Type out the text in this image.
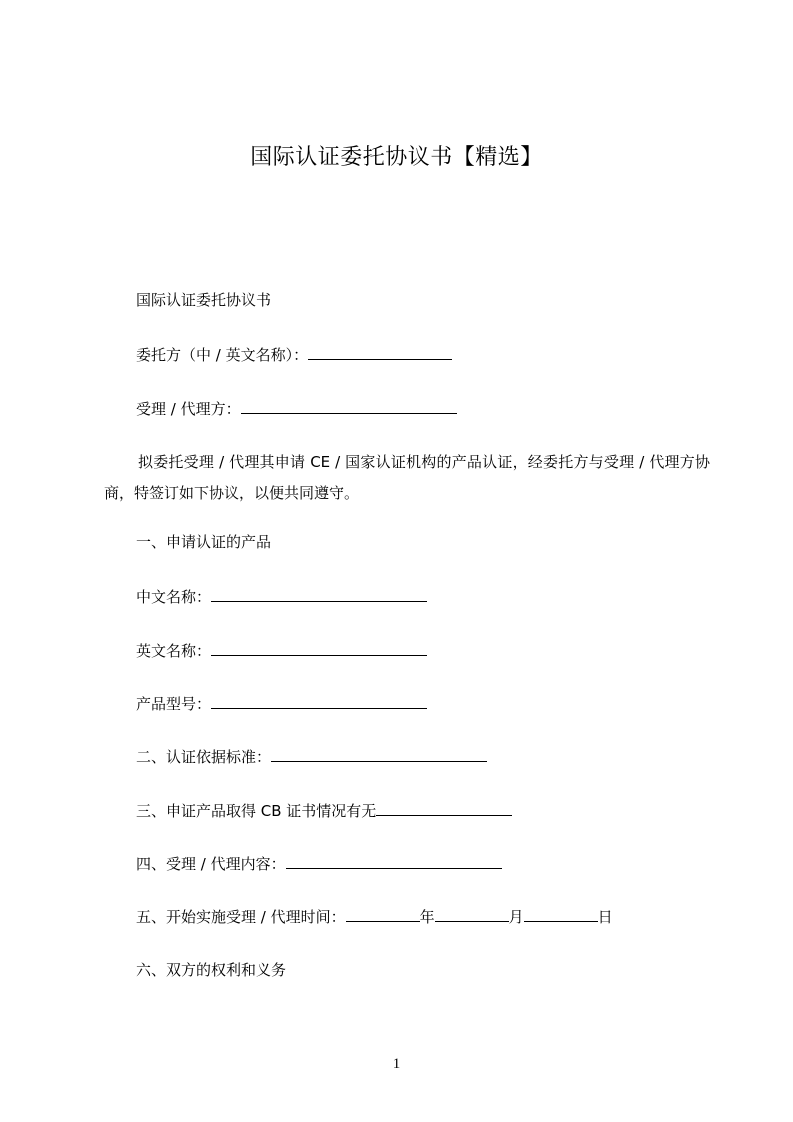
国际认证委托协议书【精选】
国际认证委托协议书
委托方（中 / 英文名称）：
受理 / 代理方：
拟委托受理 / 代理其申请 CE / 国家认证机构的产品认证，经委托方与受理 / 代理方协商，特签订如下协议，以便共同遵守。
一、申请认证的产品
中文名称：
英文名称：
产品型号：
二、认证依据标准：
三、申证产品取得 CB 证书情况有无
四、受理 / 代理内容：
五、开始实施受理 / 代理时间：	年	月	日
六、双方的权利和义务
1
